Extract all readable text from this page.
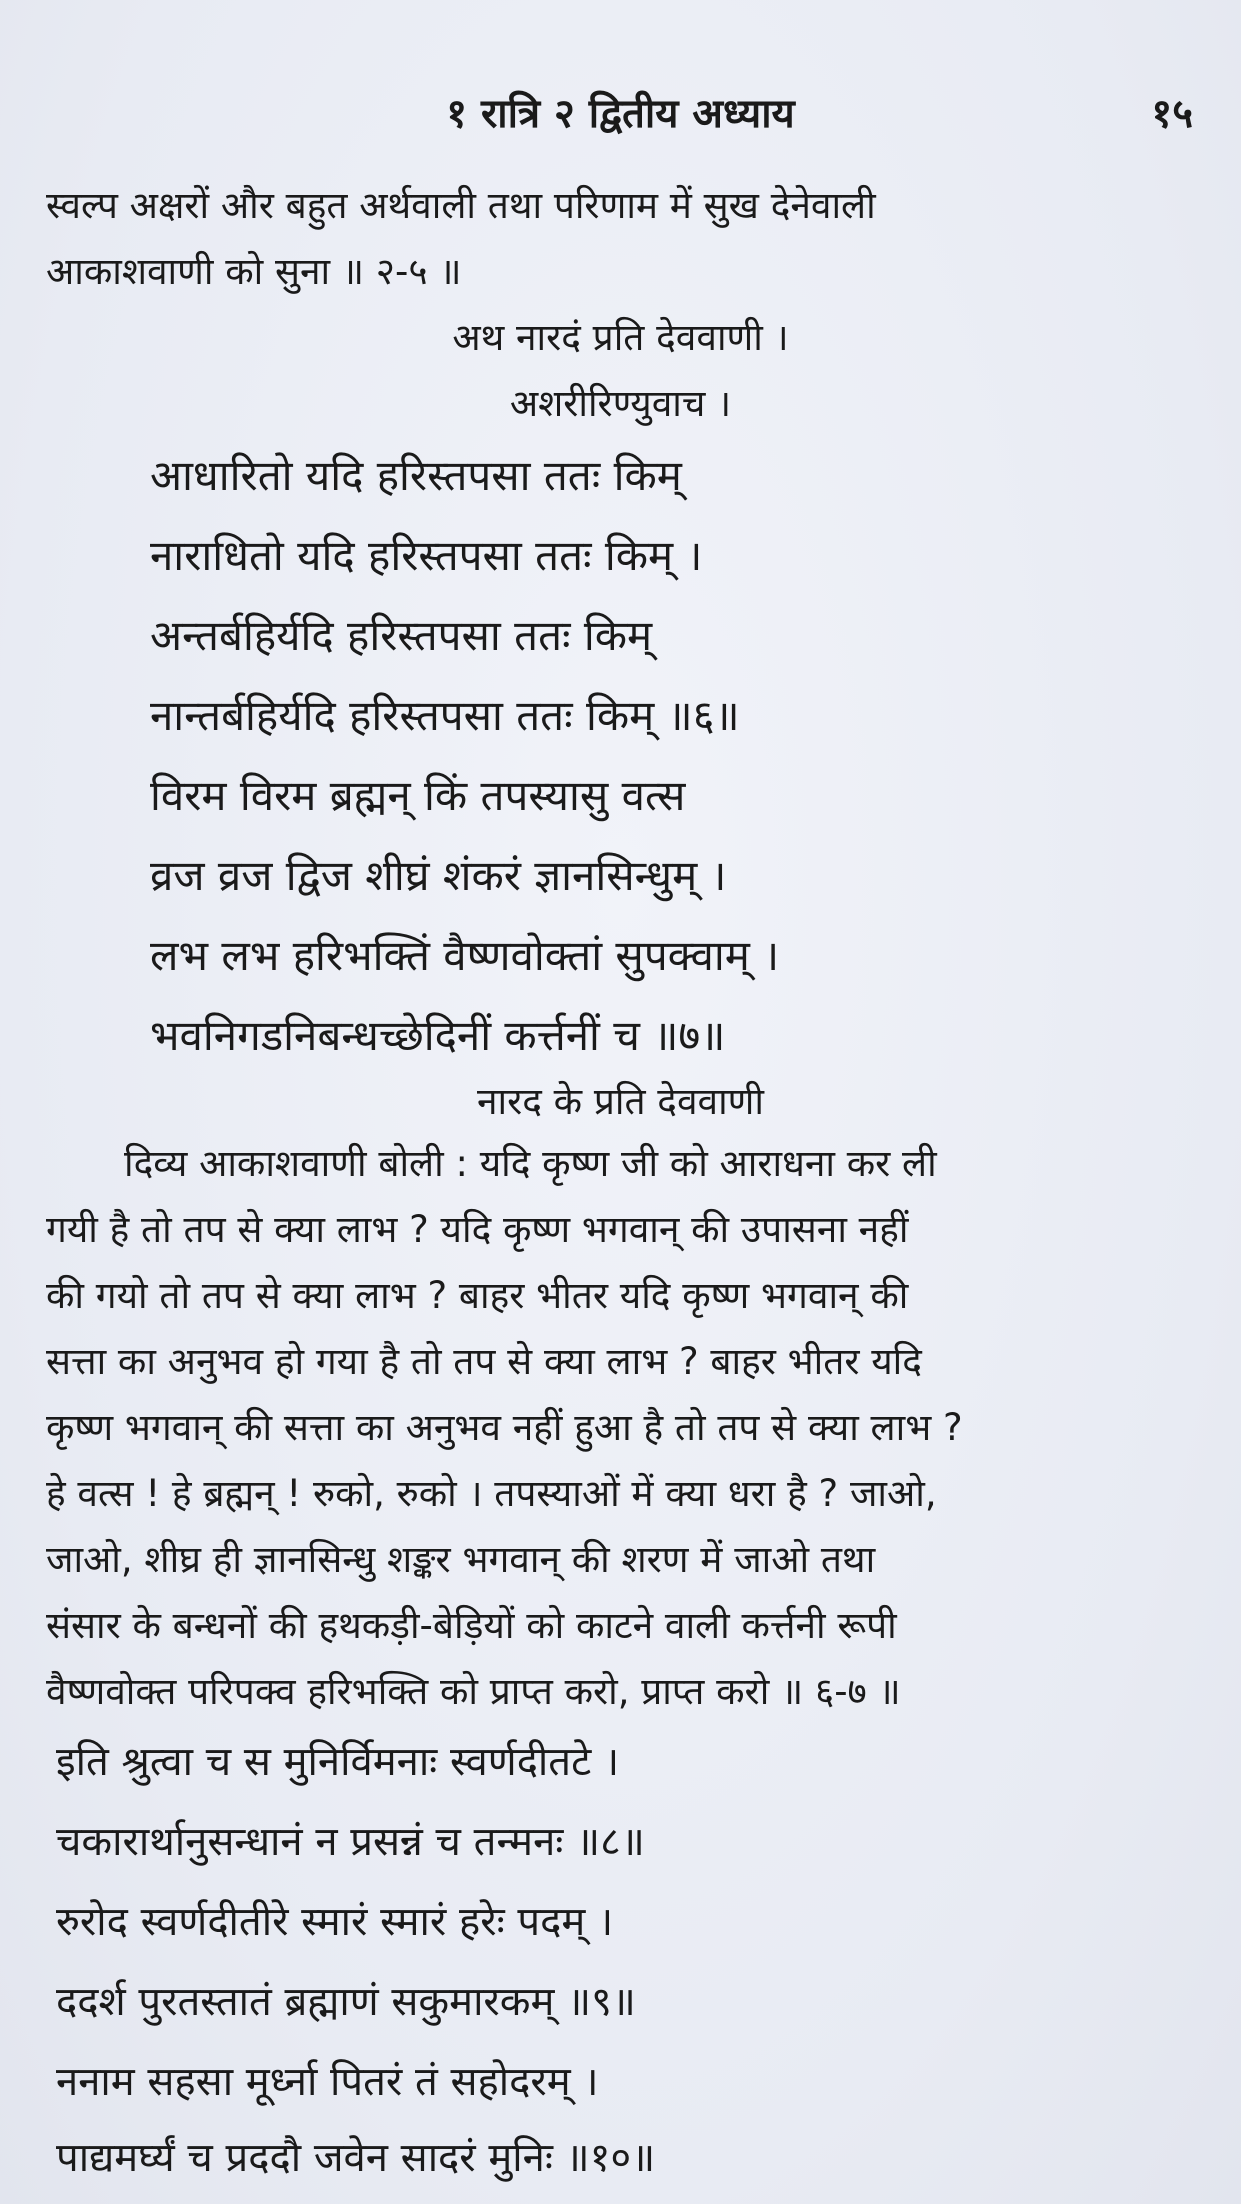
१ रात्रि २ द्वितीय अध्याय	१५
स्वल्प अक्षरों और बहुत अर्थवाली तथा परिणाम में सुख देनेवाली
आकाशवाणी को सुना ॥ २-५ ॥
अथ नारदं प्रति देववाणी ।
अशरीरिण्युवाच ।
आधारितो यदि हरिस्तपसा ततः किम्
नाराधितो यदि हरिस्तपसा ततः किम् ।
अन्तर्बहिर्यदि हरिस्तपसा ततः किम्
नान्तर्बहिर्यदि हरिस्तपसा ततः किम् ॥६॥
विरम विरम ब्रह्मन् किं तपस्यासु वत्स
व्रज व्रज द्विज शीघ्रं शंकरं ज्ञानसिन्धुम् ।
लभ लभ हरिभक्तिं वैष्णवोक्तां सुपक्वाम् ।
भवनिगडनिबन्धच्छेदिनीं कर्त्तनीं च ॥७॥
नारद के प्रति देववाणी
दिव्य आकाशवाणी बोली : यदि कृष्ण जी को आराधना कर ली
गयी है तो तप से क्या लाभ ? यदि कृष्ण भगवान् की उपासना नहीं
की गयो तो तप से क्या लाभ ? बाहर भीतर यदि कृष्ण भगवान् की
सत्ता का अनुभव हो गया है तो तप से क्या लाभ ? बाहर भीतर यदि
कृष्ण भगवान् की सत्ता का अनुभव नहीं हुआ है तो तप से क्या लाभ ?
हे वत्स ! हे ब्रह्मन् ! रुको, रुको । तपस्याओं में क्या धरा है ? जाओ,
जाओ, शीघ्र ही ज्ञानसिन्धु शङ्कर भगवान् की शरण में जाओ तथा
संसार के बन्धनों की हथकड़ी-बेड़ियों को काटने वाली कर्त्तनी रूपी
वैष्णवोक्त परिपक्व हरिभक्ति को प्राप्त करो, प्राप्त करो ॥ ६-७ ॥
इति श्रुत्वा च स मुनिर्विमनाः स्वर्णदीतटे ।
चकारार्थानुसन्धानं न प्रसन्नं च तन्मनः ॥८॥
रुरोद स्वर्णदीतीरे स्मारं स्मारं हरेः पदम् ।
ददर्श पुरतस्तातं ब्रह्माणं सकुमारकम् ॥९॥
ननाम सहसा मूर्ध्ना पितरं तं सहोदरम् ।
पाद्यमर्घ्यं च प्रददौ जवेन सादरं मुनिः ॥१०॥
